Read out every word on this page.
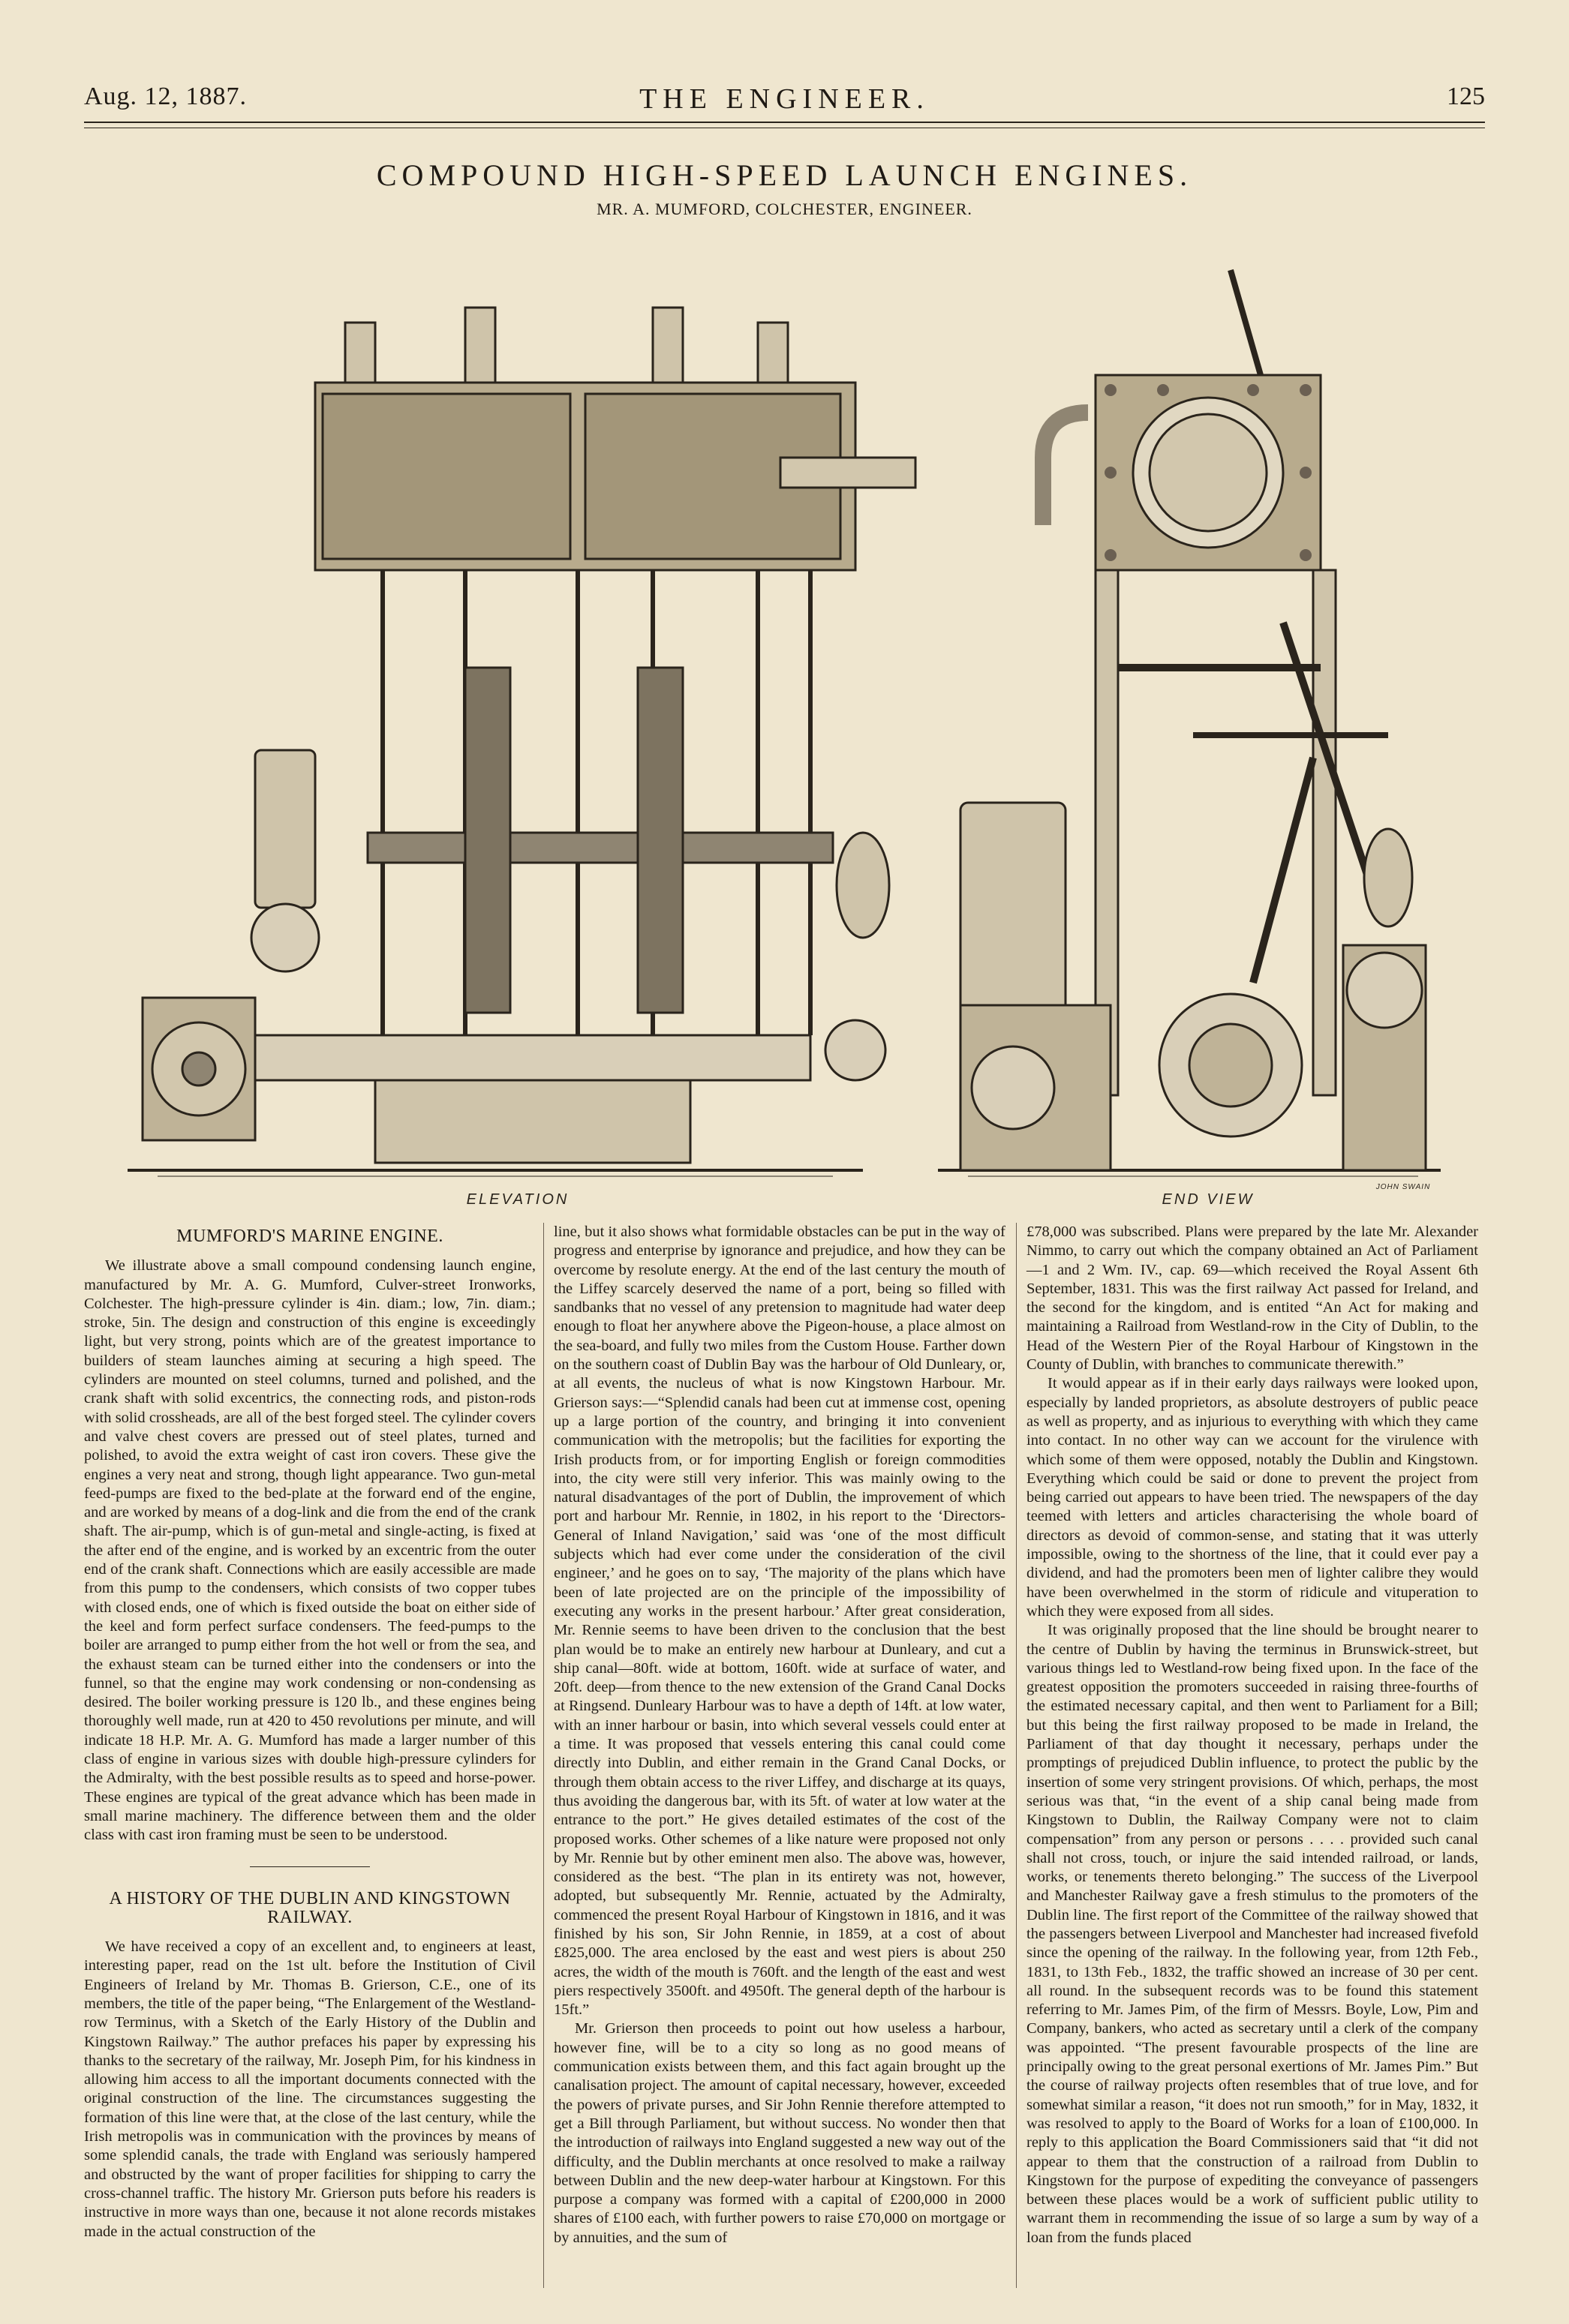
Aug. 12, 1887.	THE ENGINEER.	125
COMPOUND HIGH-SPEED LAUNCH ENGINES.
MR. A. MUMFORD, COLCHESTER, ENGINEER.
ELEVATION	END VIEW
JOHN SWAIN
MUMFORD'S MARINE ENGINE.

We illustrate above a small compound condensing launch engine, manufactured by Mr. A. G. Mumford, Culver-street Ironworks, Colchester. The high-pressure cylinder is 4in. diam.; low, 7in. diam.; stroke, 5in. The design and construction of this engine is exceedingly light, but very strong, points which are of the greatest importance to builders of steam launches aiming at securing a high speed. The cylinders are mounted on steel columns, turned and polished, and the crank shaft with solid excentrics, the connecting rods, and piston-rods with solid crossheads, are all of the best forged steel. The cylinder covers and valve chest covers are pressed out of steel plates, turned and polished, to avoid the extra weight of cast iron covers. These give the engines a very neat and strong, though light appearance. Two gun-metal feed-pumps are fixed to the bed-plate at the forward end of the engine, and are worked by means of a dog-link and die from the end of the crank shaft. The air-pump, which is of gun-metal and single-acting, is fixed at the after end of the engine, and is worked by an excentric from the outer end of the crank shaft. Connections which are easily accessible are made from this pump to the condensers, which consists of two copper tubes with closed ends, one of which is fixed outside the boat on either side of the keel and form perfect surface condensers. The feed-pumps to the boiler are arranged to pump either from the hot well or from the sea, and the exhaust steam can be turned either into the condensers or into the funnel, so that the engine may work condensing or non-condensing as desired. The boiler working pressure is 120 lb., and these engines being thoroughly well made, run at 420 to 450 revolutions per minute, and will indicate 18 H.P. Mr. A. G. Mumford has made a larger number of this class of engine in various sizes with double high-pressure cylinders for the Admiralty, with the best possible results as to speed and horse-power. These engines are typical of the great advance which has been made in small marine machinery. The difference between them and the older class with cast iron framing must be seen to be understood.

A HISTORY OF THE DUBLIN AND KINGSTOWN RAILWAY.

We have received a copy of an excellent and, to engineers at least, interesting paper, read on the 1st ult. before the Institution of Civil Engineers of Ireland by Mr. Thomas B. Grierson, C.E., one of its members, the title of the paper being, “The Enlargement of the Westland-row Terminus, with a Sketch of the Early History of the Dublin and Kingstown Railway.” The author prefaces his paper by expressing his thanks to the secretary of the railway, Mr. Joseph Pim, for his kindness in allowing him access to all the important documents connected with the original construction of the line. The circumstances suggesting the formation of this line were that, at the close of the last century, while the Irish metropolis was in communication with the provinces by means of some splendid canals, the trade with England was seriously hampered and obstructed by the want of proper facilities for shipping to carry the cross-channel traffic. The history Mr. Grierson puts before his readers is instructive in more ways than one, because it not alone records mistakes made in the actual construction of the

line, but it also shows what formidable obstacles can be put in the way of progress and enterprise by ignorance and prejudice, and how they can be overcome by resolute energy. At the end of the last century the mouth of the Liffey scarcely deserved the name of a port, being so filled with sandbanks that no vessel of any pretension to magnitude had water deep enough to float her anywhere above the Pigeon-house, a place almost on the sea-board, and fully two miles from the Custom House. Farther down on the southern coast of Dublin Bay was the harbour of Old Dunleary, or, at all events, the nucleus of what is now Kingstown Harbour. Mr. Grierson says:—“Splendid canals had been cut at immense cost, opening up a large portion of the country, and bringing it into convenient communication with the metropolis; but the facilities for exporting the Irish products from, or for importing English or foreign commodities into, the city were still very inferior. This was mainly owing to the natural disadvantages of the port of Dublin, the improvement of which port and harbour Mr. Rennie, in 1802, in his report to the ‘Directors-General of Inland Navigation,’ said was ‘one of the most difficult subjects which had ever come under the consideration of the civil engineer,’ and he goes on to say, ‘The majority of the plans which have been of late projected are on the principle of the impossibility of executing any works in the present harbour.’ After great consideration, Mr. Rennie seems to have been driven to the conclusion that the best plan would be to make an entirely new harbour at Dunleary, and cut a ship canal—80ft. wide at bottom, 160ft. wide at surface of water, and 20ft. deep—from thence to the new extension of the Grand Canal Docks at Ringsend. Dunleary Harbour was to have a depth of 14ft. at low water, with an inner harbour or basin, into which several vessels could enter at a time. It was proposed that vessels entering this canal could come directly into Dublin, and either remain in the Grand Canal Docks, or through them obtain access to the river Liffey, and discharge at its quays, thus avoiding the dangerous bar, with its 5ft. of water at low water at the entrance to the port.” He gives detailed estimates of the cost of the proposed works. Other schemes of a like nature were proposed not only by Mr. Rennie but by other eminent men also. The above was, however, considered as the best. “The plan in its entirety was not, however, adopted, but subsequently Mr. Rennie, actuated by the Admiralty, commenced the present Royal Harbour of Kingstown in 1816, and it was finished by his son, Sir John Rennie, in 1859, at a cost of about £825,000. The area enclosed by the east and west piers is about 250 acres, the width of the mouth is 760ft. and the length of the east and west piers respectively 3500ft. and 4950ft. The general depth of the harbour is 15ft.”

Mr. Grierson then proceeds to point out how useless a harbour, however fine, will be to a city so long as no good means of communication exists between them, and this fact again brought up the canalisation project. The amount of capital necessary, however, exceeded the powers of private purses, and Sir John Rennie therefore attempted to get a Bill through Parliament, but without success. No wonder then that the introduction of railways into England suggested a new way out of the difficulty, and the Dublin merchants at once resolved to make a railway between Dublin and the new deep-water harbour at Kingstown. For this purpose a company was formed with a capital of £200,000 in 2000 shares of £100 each, with further powers to raise £70,000 on mortgage or by annuities, and the sum of

£78,000 was subscribed. Plans were prepared by the late Mr. Alexander Nimmo, to carry out which the company obtained an Act of Parliament—1 and 2 Wm. IV., cap. 69—which received the Royal Assent 6th September, 1831. This was the first railway Act passed for Ireland, and the second for the kingdom, and is entited “An Act for making and maintaining a Railroad from Westland-row in the City of Dublin, to the Head of the Western Pier of the Royal Harbour of Kingstown in the County of Dublin, with branches to communicate therewith.”

It would appear as if in their early days railways were looked upon, especially by landed proprietors, as absolute destroyers of public peace as well as property, and as injurious to everything with which they came into contact. In no other way can we account for the virulence with which some of them were opposed, notably the Dublin and Kingstown. Everything which could be said or done to prevent the project from being carried out appears to have been tried. The newspapers of the day teemed with letters and articles characterising the whole board of directors as devoid of common-sense, and stating that it was utterly impossible, owing to the shortness of the line, that it could ever pay a dividend, and had the promoters been men of lighter calibre they would have been overwhelmed in the storm of ridicule and vituperation to which they were exposed from all sides.

It was originally proposed that the line should be brought nearer to the centre of Dublin by having the terminus in Brunswick-street, but various things led to Westland-row being fixed upon. In the face of the greatest opposition the promoters succeeded in raising three-fourths of the estimated necessary capital, and then went to Parliament for a Bill; but this being the first railway proposed to be made in Ireland, the Parliament of that day thought it necessary, perhaps under the promptings of prejudiced Dublin influence, to protect the public by the insertion of some very stringent provisions. Of which, perhaps, the most serious was that, “in the event of a ship canal being made from Kingstown to Dublin, the Railway Company were not to claim compensation” from any person or persons . . . . provided such canal shall not cross, touch, or injure the said intended railroad, or lands, works, or tenements thereto belonging.” The success of the Liverpool and Manchester Railway gave a fresh stimulus to the promoters of the Dublin line. The first report of the Committee of the railway showed that the passengers between Liverpool and Manchester had increased fivefold since the opening of the railway. In the following year, from 12th Feb., 1831, to 13th Feb., 1832, the traffic showed an increase of 30 per cent. all round. In the subsequent records was to be found this statement referring to Mr. James Pim, of the firm of Messrs. Boyle, Low, Pim and Company, bankers, who acted as secretary until a clerk of the company was appointed. “The present favourable prospects of the line are principally owing to the great personal exertions of Mr. James Pim.” But the course of railway projects often resembles that of true love, and for somewhat similar a reason, “it does not run smooth,” for in May, 1832, it was resolved to apply to the Board of Works for a loan of £100,000. In reply to this application the Board Commissioners said that “it did not appear to them that the construction of a railroad from Dublin to Kingstown for the purpose of expediting the conveyance of passengers between these places would be a work of sufficient public utility to warrant them in recommending the issue of so large a sum by way of a loan from the funds placed
